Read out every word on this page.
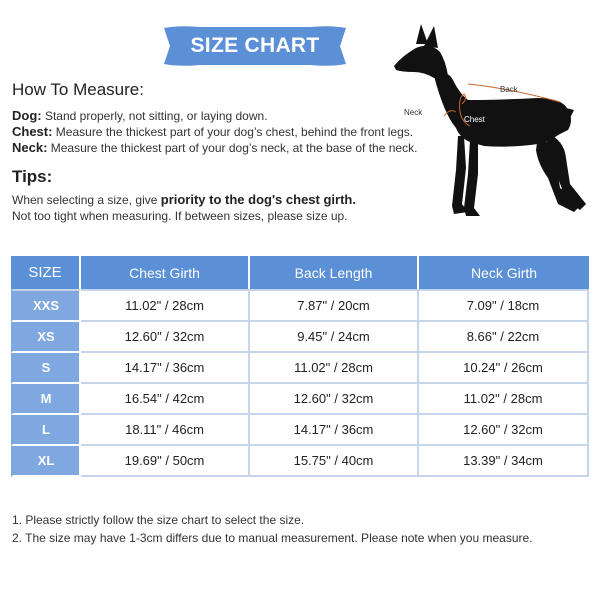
SIZE CHART
How To Measure:
Dog: Stand properly, not sitting, or laying down.
Chest: Measure the thickest part of your dog’s chest, behind the front legs.
Neck: Measure the thickest part of your dog’s neck, at the base of the neck.
Tips:
When selecting a size, give priority to the dog's chest girth.
Not too tight when measuring. If between sizes, please size up.
Back
Neck
Chest
SIZE	Chest Girth	Back Length	Neck Girth
XXS	11.02" / 28cm	7.87" / 20cm	7.09" / 18cm
XS	12.60" / 32cm	9.45" / 24cm	8.66" / 22cm
S	14.17" / 36cm	11.02" / 28cm	10.24" / 26cm
M	16.54" / 42cm	12.60" / 32cm	11.02" / 28cm
L	18.11" / 46cm	14.17" / 36cm	12.60" / 32cm
XL	19.69" / 50cm	15.75" / 40cm	13.39" / 34cm
1. Please strictly follow the size chart to select the size.
2. The size may have 1-3cm differs due to manual measurement. Please note when you measure.
